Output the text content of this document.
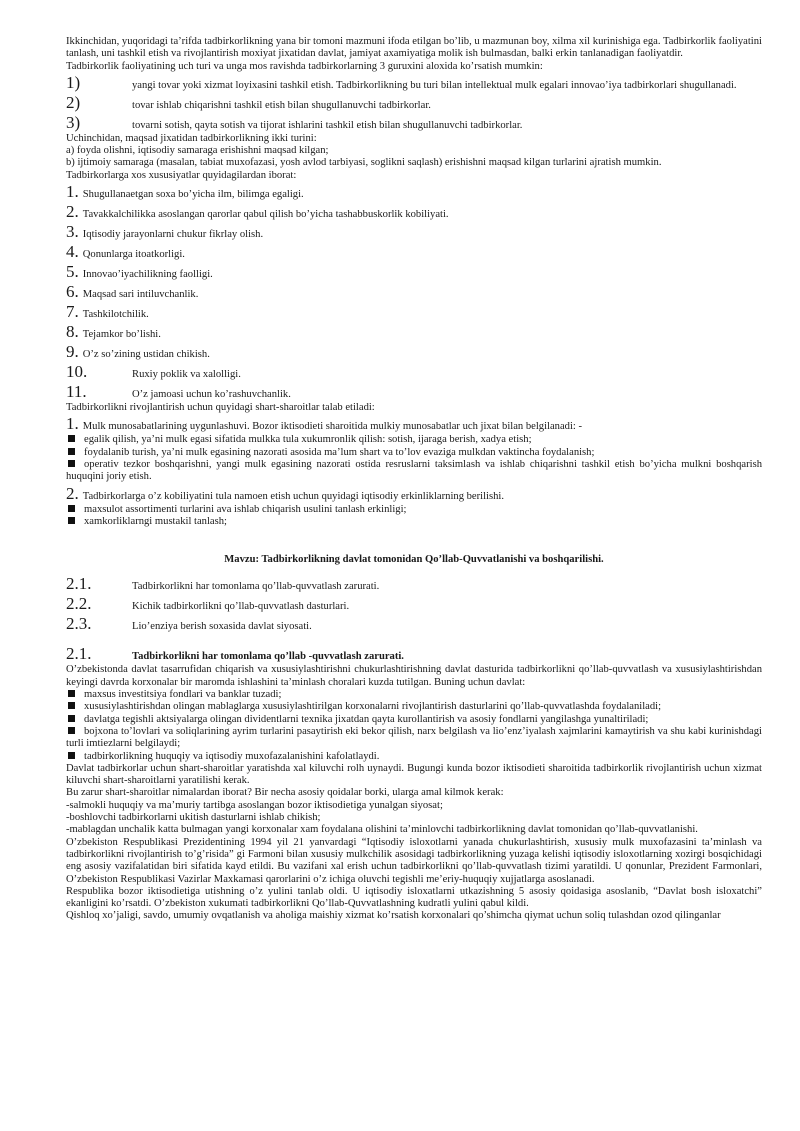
Ikkinchidan, yuqoridagi ta’rifda tadbirkorlikning yana bir tomoni mazmuni ifoda etilgan bo’lib, u mazmunan boy, xilma xil kurinishiga ega. Tadbirkorlik faoliyatini tanlash, uni tashkil etish va rivojlantirish moxiyat jixatidan davlat, jamiyat axamiyatiga molik ish bulmasdan, balki erkin tanlanadigan faoliyatdir.

Tadbirkorlik faoliyatining uch turi va unga mos ravishda tadbirkorlarning 3 guruxini aloxida ko’rsatish mumkin:

1)	yangi tovar yoki xizmat loyixasini tashkil etish. Tadbirkorlikning bu turi bilan intellektual mulk egalari innovao’iya tadbirkorlari shugullanadi.
2)	tovar ishlab chiqarishni tashkil etish bilan shugullanuvchi tadbirkorlar.
3)	tovarni sotish, qayta sotish va tijorat ishlarini tashkil etish bilan shugullanuvchi tadbirkorlar.

Uchinchidan, maqsad jixatidan tadbirkorlikning ikki turini:

a) foyda olishni, iqtisodiy samaraga erishishni maqsad kilgan;

b) ijtimoiy samaraga (masalan, tabiat muxofazasi, yosh avlod tarbiyasi, soglikni saqlash) erishishni maqsad kilgan turlarini ajratish mumkin.

Tadbirkorlarga xos xususiyatlar quyidagilardan iborat:

1. Shugullanaetgan soxa bo’yicha ilm, bilimga egaligi.
2. Tavakkalchilikka asoslangan qarorlar qabul qilish bo’yicha tashabbuskorlik kobiliyati.
3. Iqtisodiy jarayonlarni chukur fikrlay olish.
4. Qonunlarga itoatkorligi.
5. Innovao’iyachilikning faolligi.
6. Maqsad sari intiluvchanlik.
7. Tashkilotchilik.
8. Tejamkor bo’lishi.
9. O’z so’zining ustidan chikish.
10.	Ruxiy poklik va xalolligi.
11.	O’z jamoasi uchun ko’rashuvchanlik.

Tadbirkorlikni rivojlantirish uchun quyidagi shart-sharoitlar talab etiladi:

1. Mulk munosabatlarining uygunlashuvi. Bozor iktisodieti sharoitida mulkiy munosabatlar uch jixat bilan belgilanadi: -
egalik qilish, ya’ni mulk egasi sifatida mulkka tula xukumronlik qilish: sotish, ijaraga berish, xadya etish;
foydalanib turish, ya’ni mulk egasining nazorati asosida ma’lum shart va to’lov evaziga mulkdan vaktincha foydalanish;
operativ tezkor boshqarishni, yangi mulk egasining nazorati ostida resruslarni taksimlash va ishlab chiqarishni tashkil etish bo’yicha mulkni boshqarish huquqini joriy etish.
2. Tadbirkorlarga o’z kobiliyatini tula namoen etish uchun quyidagi iqtisodiy erkinliklarning berilishi.
maxsulot assortimenti turlarini ava ishlab chiqarish usulini tanlash erkinligi;
xamkorliklarngi mustakil tanlash;

Mavzu: Tadbirkorlikning davlat tomonidan Qo’llab-Quvvatlanishi va boshqarilishi.

2.1.	Tadbirkorlikni har tomonlama qo’llab-quvvatlash zarurati.
2.2.	Kichik tadbirkorlikni qo’llab-quvvatlash dasturlari.
2.3.	Lio’enziya berish soxasida davlat siyosati.
2.1.	Tadbirkorlikni har tomonlama qo’llab -quvvatlash zarurati.

O’zbekistonda davlat tasarrufidan chiqarish va xususiylashtirishni chukurlashtirishning davlat dasturida tadbirkorlikni qo’llab-quvvatlash va xususiylashtirishdan keyingi davrda korxonalar bir maromda ishlashini ta’minlash choralari kuzda tutilgan. Buning uchun davlat:

maxsus investitsiya fondlari va banklar tuzadi;
xususiylashtirishdan olingan mablaglarga xususiylashtirilgan korxonalarni rivojlantirish dasturlarini qo’llab-quvvatlashda foydalaniladi;
davlatga tegishli aktsiyalarga olingan dividentlarni texnika jixatdan qayta kurollantirish va asosiy fondlarni yangilashga yunaltiriladi;
bojxona to’lovlari va soliqlarining ayrim turlarini pasaytirish eki bekor qilish, narx belgilash va lio’enz’iyalash xajmlarini kamaytirish va shu kabi kurinishdagi turli imtiezlarni belgilaydi;
tadbirkorlikning huquqiy va iqtisodiy muxofazalanishini kafolatlaydi.

Davlat tadbirkorlar uchun shart-sharoitlar yaratishda xal kiluvchi rolh uynaydi. Bugungi kunda bozor iktisodieti sharoitida tadbirkorlik rivojlantirish uchun xizmat kiluvchi shart-sharoitlarni yaratilishi kerak.

Bu zarur shart-sharoitlar nimalardan iborat? Bir necha asosiy qoidalar borki, ularga amal kilmok kerak:

-salmokli huquqiy va ma’muriy tartibga asoslangan bozor iktisodietiga yunalgan siyosat;

-boshlovchi tadbirkorlarni ukitish dasturlarni ishlab chikish;

-mablagdan unchalik katta bulmagan yangi korxonalar xam foydalana olishini ta’minlovchi tadbirkorlikning davlat tomonidan qo’llab-quvvatlanishi.

O’zbekiston Respublikasi Prezidentining 1994 yil 21 yanvardagi “Iqtisodiy isloxotlarni yanada chukurlashtirish, xususiy mulk muxofazasini ta’minlash va tadbirkorlikni rivojlantirish to’g’risida” gi Farmoni bilan xususiy mulkchilik asosidagi tadbirkorlikning yuzaga kelishi iqtisodiy isloxotlarning xozirgi bosqichidagi eng asosiy vazifalatidan biri sifatida kayd etildi. Bu vazifani xal erish uchun tadbirkorlikni qo’llab-quvvatlash tizimi yaratildi. U qonunlar, Prezident Farmonlari, O’zbekiston Respublikasi Vazirlar Maxkamasi qarorlarini o’z ichiga oluvchi tegishli me’eriy-huquqiy xujjatlarga asoslanadi.

Respublika bozor iktisodietiga utishning o’z yulini tanlab oldi. U iqtisodiy isloxatlarni utkazishning 5 asosiy qoidasiga asoslanib, “Davlat bosh isloxatchi” ekanligini ko’rsatdi. O’zbekiston xukumati tadbirkorlikni Qo’llab-Quvvatlashning kudratli yulini qabul kildi.

Qishloq xo’jaligi, savdo, umumiy ovqatlanish va aholiga maishiy xizmat ko’rsatish korxonalari qo’shimcha qiymat uchun soliq tulashdan ozod qilinganlar
